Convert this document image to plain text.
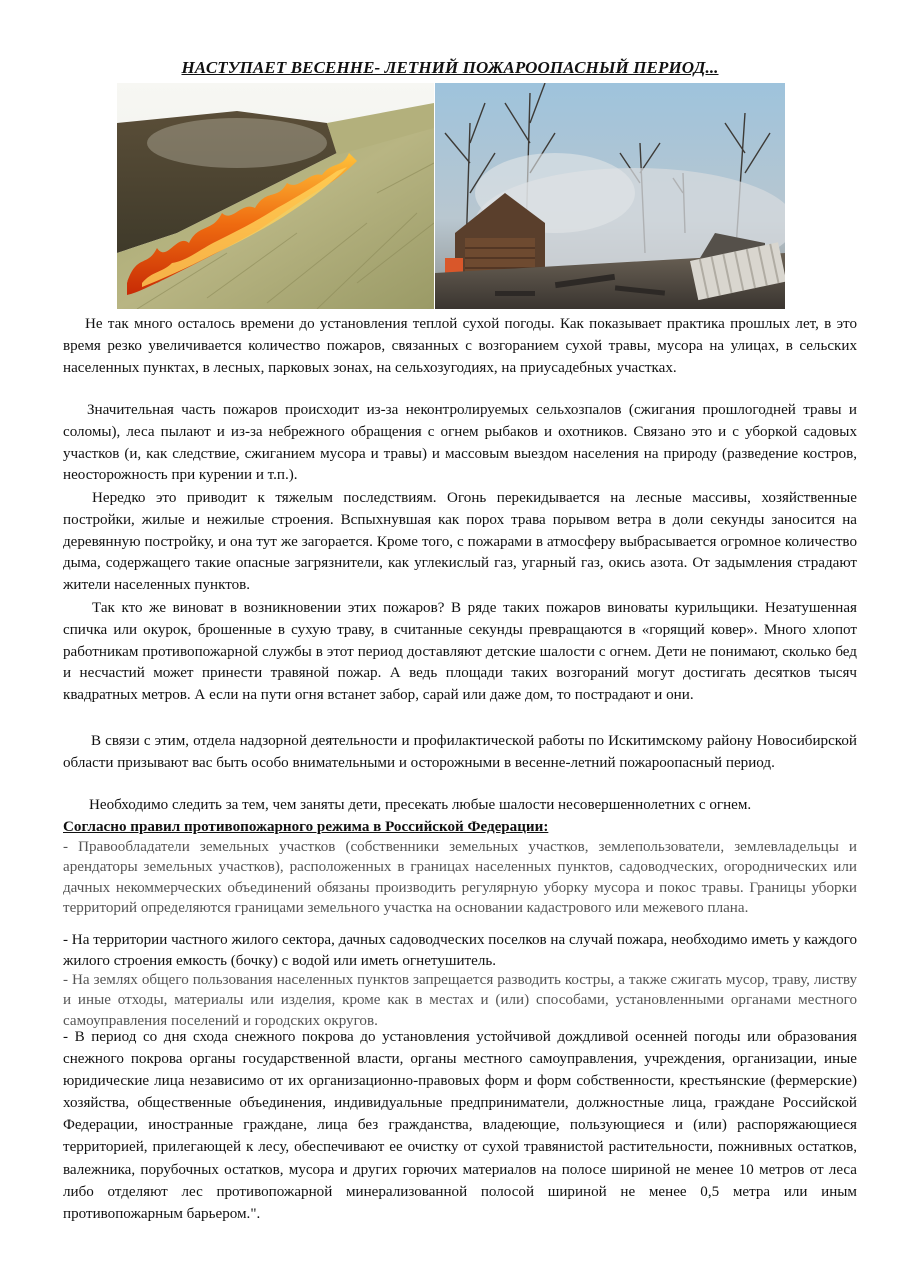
НАСТУПАЕТ ВЕСЕННЕ- ЛЕТНИЙ ПОЖАРООПАСНЫЙ ПЕРИОД...

Не так много осталось времени до установления теплой сухой погоды. Как показывает практика прошлых лет, в это время резко увеличивается количество пожаров, связанных с возгоранием сухой травы, мусора на улицах, в сельских населенных пунктах, в лесных, парковых зонах, на сельхозугодиях, на приусадебных участках.

Значительная часть пожаров происходит из-за неконтролируемых сельхозпалов (сжигания прошлогодней травы и соломы), леса пылают и из-за небрежного обращения с огнем рыбаков и охотников. Связано это и с уборкой садовых участков (и, как следствие, сжиганием мусора и травы) и массовым выездом населения на природу (разведение костров, неосторожность при курении и т.п.).

Нередко это приводит к тяжелым последствиям. Огонь перекидывается на лесные массивы, хозяйственные постройки, жилые и нежилые строения. Вспыхнувшая как порох трава порывом ветра в доли секунды заносится на деревянную постройку, и она тут же загорается. Кроме того, с пожарами в атмосферу выбрасывается огромное количество дыма, содержащего такие опасные загрязнители, как углекислый газ, угарный газ, окись азота. От задымления страдают жители населенных пунктов.

Так кто же виноват в возникновении этих пожаров? В ряде таких пожаров виноваты курильщики. Незатушенная спичка или окурок, брошенные в сухую траву, в считанные секунды превращаются в «горящий ковер». Много хлопот работникам противопожарной службы в этот период доставляют детские шалости с огнем. Дети не понимают, сколько бед и несчастий может принести травяной пожар. А ведь площади таких возгораний могут достигать десятков тысяч квадратных метров. А если на пути огня встанет забор, сарай или даже дом, то пострадают и они.

В связи с этим, отдела надзорной деятельности и профилактической работы по Искитимскому району Новосибирской области призывают вас быть особо внимательными и осторожными в весенне-летний пожароопасный период.

Необходимо следить за тем, чем заняты дети, пресекать любые шалости несовершеннолетних с огнем.

Согласно правил противопожарного режима в Российской Федерации:

- Правообладатели земельных участков (собственники земельных участков, землепользователи, землевладельцы и арендаторы земельных участков), расположенных в границах населенных пунктов, садоводческих, огороднических или дачных некоммерческих объединений обязаны производить регулярную уборку мусора и покос травы. Границы уборки территорий определяются границами земельного участка на основании кадастрового или межевого плана.
- На территории частного жилого сектора, дачных садоводческих поселков на случай пожара, необходимо иметь у каждого жилого строения емкость (бочку) с водой или иметь огнетушитель.
- На землях общего пользования населенных пунктов запрещается разводить костры, а также сжигать мусор, траву, листву и иные отходы, материалы или изделия, кроме как в местах и (или) способами, установленными органами местного самоуправления поселений и городских округов.
- В период со дня схода снежного покрова до установления устойчивой дождливой осенней погоды или образования снежного покрова органы государственной власти, органы местного самоуправления, учреждения, организации, иные юридические лица независимо от их организационно-правовых форм и форм собственности, крестьянские (фермерские) хозяйства, общественные объединения, индивидуальные предприниматели, должностные лица, граждане Российской Федерации, иностранные граждане, лица без гражданства, владеющие, пользующиеся и (или) распоряжающиеся территорией, прилегающей к лесу, обеспечивают ее очистку от сухой травянистой растительности, пожнивных остатков, валежника, порубочных остатков, мусора и других горючих материалов на полосе шириной не менее 10 метров от леса либо отделяют лес противопожарной минерализованной полосой шириной не менее 0,5 метра или иным противопожарным барьером.".
